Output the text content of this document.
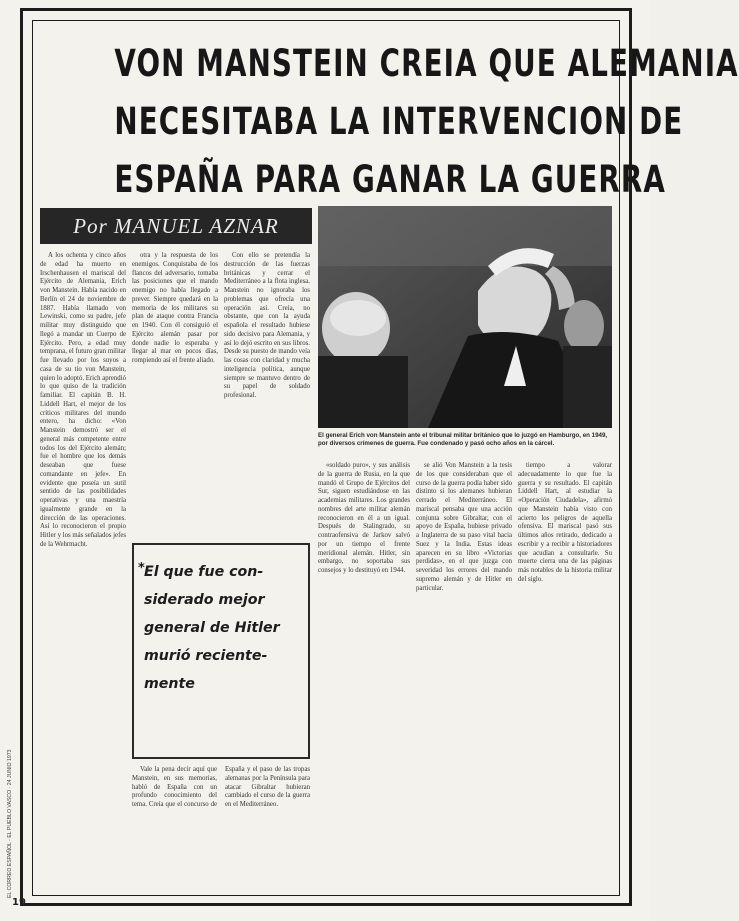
VON MANSTEIN CREIA QUE ALEMANIA
NECESITABA LA INTERVENCION DE
ESPAÑA PARA GANAR LA GUERRA
Por MANUEL AZNAR
El general Erich von Manstein ante el tribunal militar británico que lo juzgó en Hamburgo, en 1949, por diversos crímenes de guerra. Fue condenado y pasó ocho años en la cárcel.

A los ochenta y cinco años de edad ha muerto en Irschenhausen el mariscal del Ejército de Alemania, Erich von Manstein. Había nacido en Berlín el 24 de noviembre de 1887. Había llamado von Lewinski, como su padre, jefe militar muy distinguido que llegó a mandar un Cuerpo de Ejército. Pero, a edad muy temprana, el futuro gran militar fue llevado por los suyos a casa de su tío von Manstein, quien lo adoptó. Erich aprendió lo que quiso de la tradición familiar. El capitán B. H. Liddell Hart, el mejor de los críticos militares del mundo entero, ha dicho: «Von Manstein demostró ser el general más competente entre todos los del Ejército alemán; fue el hombre que los demás deseaban que fuese comandante en jefe». En evidente que poseía un sutil sentido de las posibilidades operativas y una maestría igualmente grande en la dirección de las operaciones. Así lo reconocieron el propio Hitler y los más señalados jefes de la Wehrmacht.

otra y la respuesta de los enemigos. Conquistaba de los flancos del adversario, tomaba las posiciones que el mando enemigo no había llegado a prever. Siempre quedará en la memoria de los militares su plan de ataque contra Francia en 1940. Con él consiguió el Ejército alemán pasar por donde nadie lo esperaba y llegar al mar en pocos días, rompiendo así el frente aliado.

Con ello se pretendía la destrucción de las fuerzas británicas y cerrar el Mediterráneo a la flota inglesa. Manstein no ignoraba los problemas que ofrecía una operación así. Creía, no obstante, que con la ayuda española el resultado hubiese sido decisivo para Alemania, y así lo dejó escrito en sus libros. Desde su puesto de mando veía las cosas con claridad y mucha inteligencia política, aunque siempre se mantuvo dentro de su papel de soldado profesional.

Vale la pena decir aquí que Manstein, en sus memorias, habló de España con un profundo conocimiento del tema. Creía que el concurso de España y el paso de las tropas alemanas por la Península para atacar Gibraltar hubieran cambiado el curso de la guerra en el Mediterráneo.

«soldado puro», y sus análisis de la guerra de Rusia, en la que mandó el Grupo de Ejércitos del Sur, siguen estudiándose en las academias militares. Los grandes nombres del arte militar alemán reconocieron en él a un igual. Después de Stalingrado, su contraofensiva de Jarkov salvó por un tiempo el frente meridional alemán. Hitler, sin embargo, no soportaba sus consejos y lo destituyó en 1944.

se alió Von Manstein a la tesis de los que consideraban que el curso de la guerra podía haber sido distinto si los alemanes hubieran cerrado el Mediterráneo. El mariscal pensaba que una acción conjunta sobre Gibraltar, con el apoyo de España, hubiese privado a Inglaterra de su paso vital hacia Suez y la India. Estas ideas aparecen en su libro «Victorias perdidas», en el que juzga con severidad los errores del mando supremo alemán y de Hitler en particular.

tiempo a valorar adecuadamente lo que fue la guerra y su resultado. El capitán Liddell Hart, al estudiar la «Operación Ciudadela», afirmó que Manstein había visto con acierto los peligros de aquella ofensiva. El mariscal pasó sus últimos años retirado, dedicado a escribir y a recibir a historiadores que acudían a consultarle. Su muerte cierra una de las páginas más notables de la historia militar del siglo.

* El que fue con-
siderado mejor
general de Hitler
murió reciente-
mente
EL CORREO ESPAÑOL - EL PUEBLO VASCO · 24 JUNIO 1973
19
